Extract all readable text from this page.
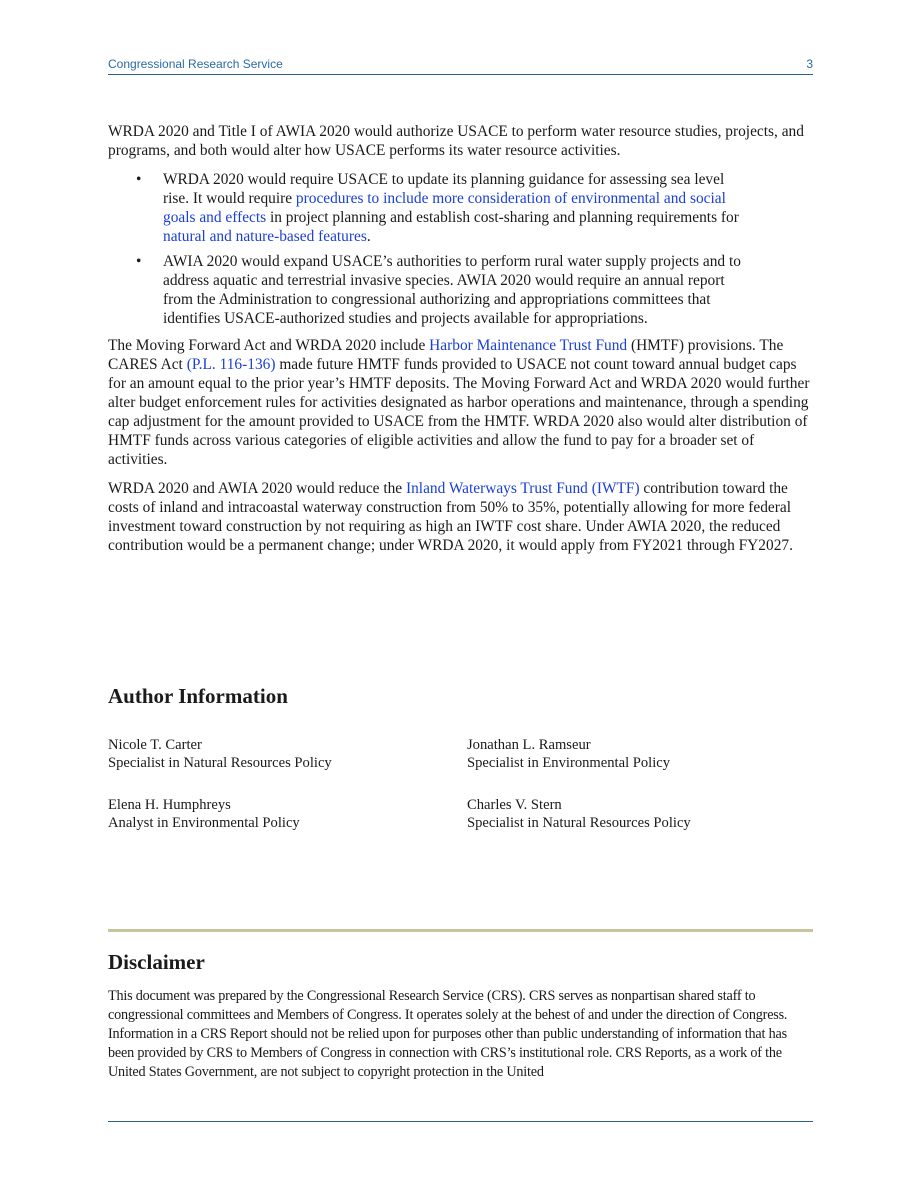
Congressional Research Service	3

WRDA 2020 and Title I of AWIA 2020 would authorize USACE to perform water resource studies, projects, and programs, and both would alter how USACE performs its water resource activities.

• WRDA 2020 would require USACE to update its planning guidance for assessing sea level rise. It would require procedures to include more consideration of environmental and social goals and effects in project planning and establish cost-sharing and planning requirements for natural and nature-based features.
• AWIA 2020 would expand USACE’s authorities to perform rural water supply projects and to address aquatic and terrestrial invasive species. AWIA 2020 would require an annual report from the Administration to congressional authorizing and appropriations committees that identifies USACE-authorized studies and projects available for appropriations.

The Moving Forward Act and WRDA 2020 include Harbor Maintenance Trust Fund (HMTF) provisions. The CARES Act (P.L. 116-136) made future HMTF funds provided to USACE not count toward annual budget caps for an amount equal to the prior year’s HMTF deposits. The Moving Forward Act and WRDA 2020 would further alter budget enforcement rules for activities designated as harbor operations and maintenance, through a spending cap adjustment for the amount provided to USACE from the HMTF. WRDA 2020 also would alter distribution of HMTF funds across various categories of eligible activities and allow the fund to pay for a broader set of activities.

WRDA 2020 and AWIA 2020 would reduce the Inland Waterways Trust Fund (IWTF) contribution toward the costs of inland and intracoastal waterway construction from 50% to 35%, potentially allowing for more federal investment toward construction by not requiring as high an IWTF cost share. Under AWIA 2020, the reduced contribution would be a permanent change; under WRDA 2020, it would apply from FY2021 through FY2027.

Author Information
Nicole T. Carter
Specialist in Natural Resources Policy
Jonathan L. Ramseur
Specialist in Environmental Policy
Elena H. Humphreys
Analyst in Environmental Policy
Charles V. Stern
Specialist in Natural Resources Policy
Disclaimer

This document was prepared by the Congressional Research Service (CRS). CRS serves as nonpartisan shared staff to congressional committees and Members of Congress. It operates solely at the behest of and under the direction of Congress. Information in a CRS Report should not be relied upon for purposes other than public understanding of information that has been provided by CRS to Members of Congress in connection with CRS’s institutional role. CRS Reports, as a work of the United States Government, are not subject to copyright protection in the United
